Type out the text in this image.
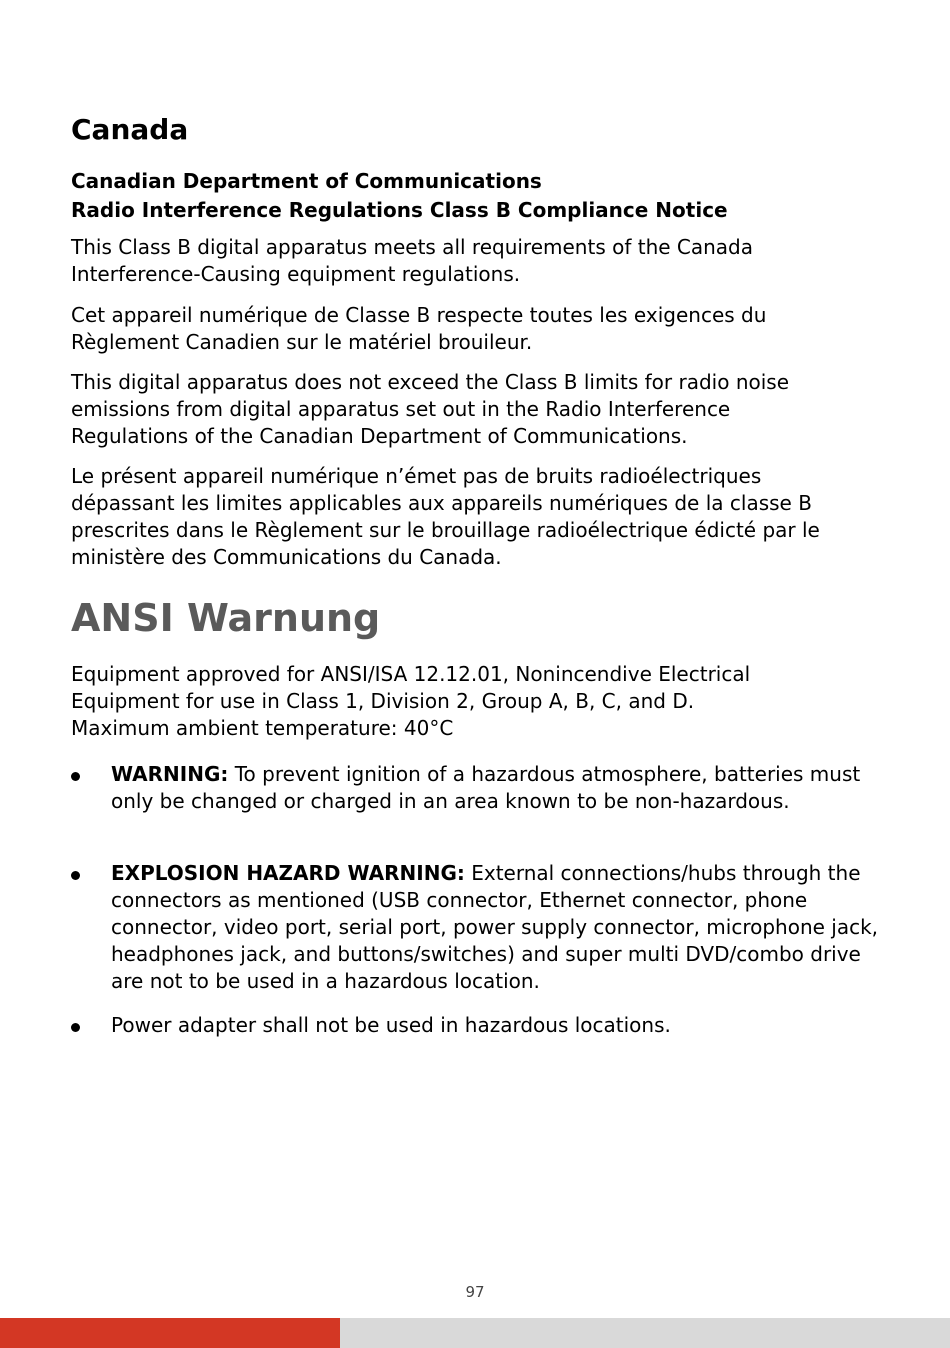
Canada
Canadian Department of Communications
Radio Interference Regulations Class B Compliance Notice

This Class B digital apparatus meets all requirements of the Canada Interference-Causing equipment regulations.

Cet appareil numérique de Classe B respecte toutes les exigences du Règlement Canadien sur le matériel brouileur.

This digital apparatus does not exceed the Class B limits for radio noise emissions from digital apparatus set out in the Radio Interference Regulations of the Canadian Department of Communications.

Le présent appareil numérique n’émet pas de bruits radioélectriques dépassant les limites applicables aux appareils numériques de la classe B prescrites dans le Règlement sur le brouillage radioélectrique édicté par le ministère des Communications du Canada.

ANSI Warnung

Equipment approved for ANSI/ISA 12.12.01, Nonincendive Electrical Equipment for use in Class 1, Division 2, Group A, B, C, and D.
Maximum ambient temperature: 40°C

WARNING: To prevent ignition of a hazardous atmosphere, batteries must only be changed or charged in an area known to be non-hazardous.

EXPLOSION HAZARD WARNING: External connections/hubs through the connectors as mentioned (USB connector, Ethernet connector, phone connector, video port, serial port, power supply connector, microphone jack, headphones jack, and buttons/switches) and super multi DVD/combo drive are not to be used in a hazardous location.

Power adapter shall not be used in hazardous locations.

97
